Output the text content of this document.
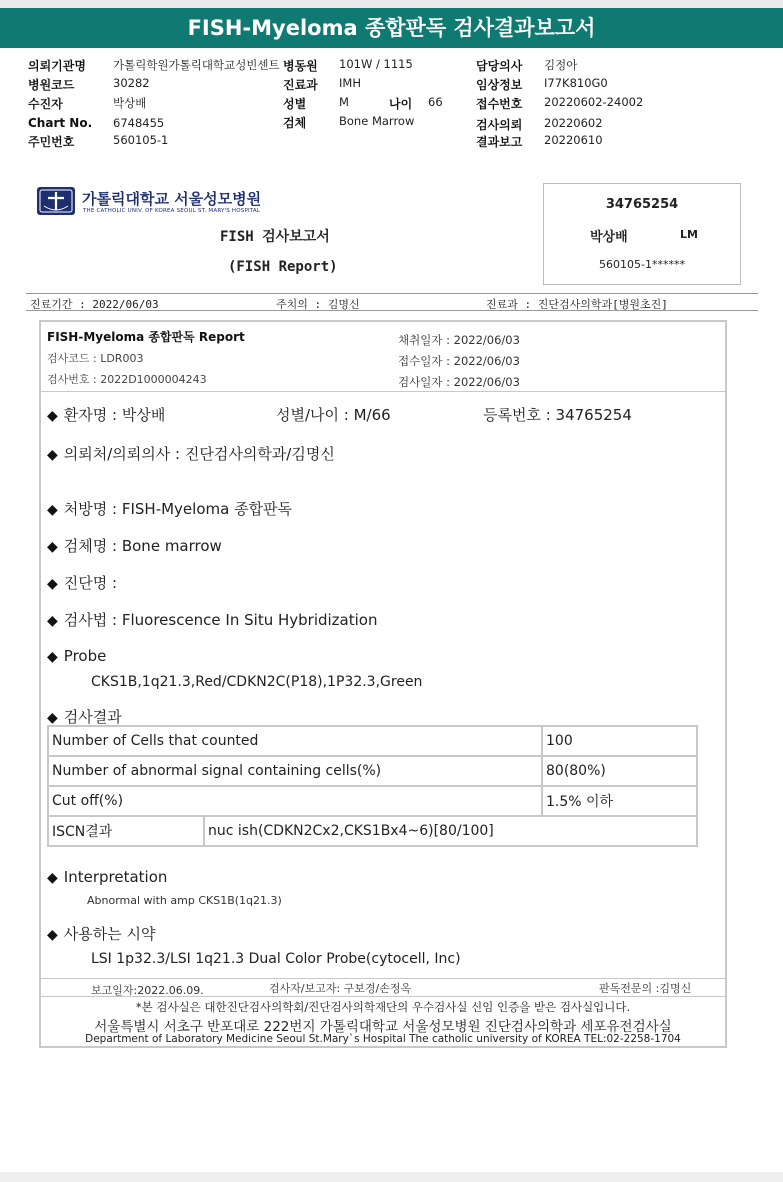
FISH-Myeloma 종합판독 검사결과보고서
의뢰기관명 가톨릭학원가톨릭대학교성빈센트 병동원 101W / 1115	담당의사 김정아
병원코드	30282	진료과 IMH	임상정보 I77K810G0
수진자	박상배	성별	M	나이 66	접수번호 20220602-24002
Chart No. 6748455	검체	Bone Marrow	검사의뢰 20220602
주민번호	560105-1	결과보고 20220610
가톨릭대학교 서울성모병원
THE CATHOLIC UNIV. OF KOREA SEOUL ST. MARY'S HOSPITAL
FISH 검사보고서
(FISH Report)
34765254
박상배	LM
560105-1******
진료기간 : 2022/06/03	주치의 : 김명신	진료과 : 진단검사의학과[병원초진]
FISH-Myeloma 종합판독 Report
검사코드 : LDR003
검사번호 : 2022D1000004243
채취일자 : 2022/06/03
접수일자 : 2022/06/03
검사일자 : 2022/06/03
◆ 환자명 : 박상배	성별/나이 : M/66	등록번호 : 34765254
◆ 의뢰처/의뢰의사 : 진단검사의학과/김명신
◆ 처방명 : FISH-Myeloma 종합판독
◆ 검체명 : Bone marrow
◆ 진단명 :
◆ 검사법 : Fluorescence In Situ Hybridization
◆ Probe
CKS1B,1q21.3,Red/CDKN2C(P18),1P32.3,Green
◆ 검사결과
Number of Cells that counted	100
Number of abnormal signal containing cells(%)	80(80%)
Cut off(%)	1.5% 이하

ISCN결과	nuc ish(CDKN2Cx2,CKS1Bx4~6)[80/100]
◆ Interpretation
Abnormal with amp CKS1B(1q21.3)
◆ 사용하는 시약
LSI 1p32.3/LSI 1q21.3 Dual Color Probe(cytocell, Inc)
보고일자:2022.06.09.	검사자/보고자: 구보경/손정옥	판독전문의 :김명신
*본 검사실은 대한진단검사의학회/진단검사의학재단의 우수검사실 신임 인증을 받은 검사실입니다.
서울특별시 서초구 반포대로 222번지 가톨릭대학교 서울성모병원 진단검사의학과 세포유전검사실
Department of Laboratory Medicine Seoul St.Mary`s Hospital The catholic university of KOREA TEL:02-2258-1704
